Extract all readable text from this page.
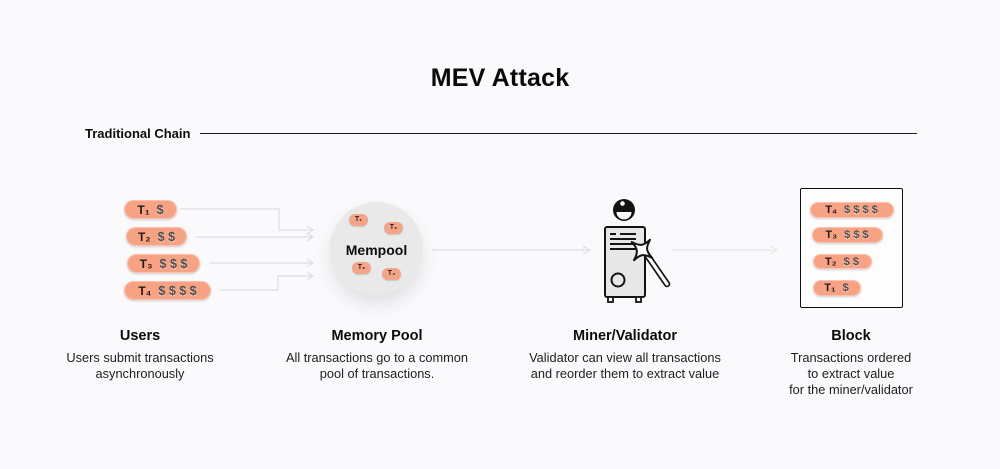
MEV Attack
Traditional Chain
T₁ $
T₂ $ $
T₃ $ $ $
T₄ $ $ $ $
T₁
T₂
Mempool
T₃
T₄
T₄ $ $ $ $
T₃ $ $ $
T₂ $ $
T₁ $
Users
Users submit transactions
asynchronously
Memory Pool
All transactions go to a common
pool of transactions.
Miner/Validator
Validator can view all transactions
and reorder them to extract value
Block
Transactions ordered
to extract value
for the miner/validator
